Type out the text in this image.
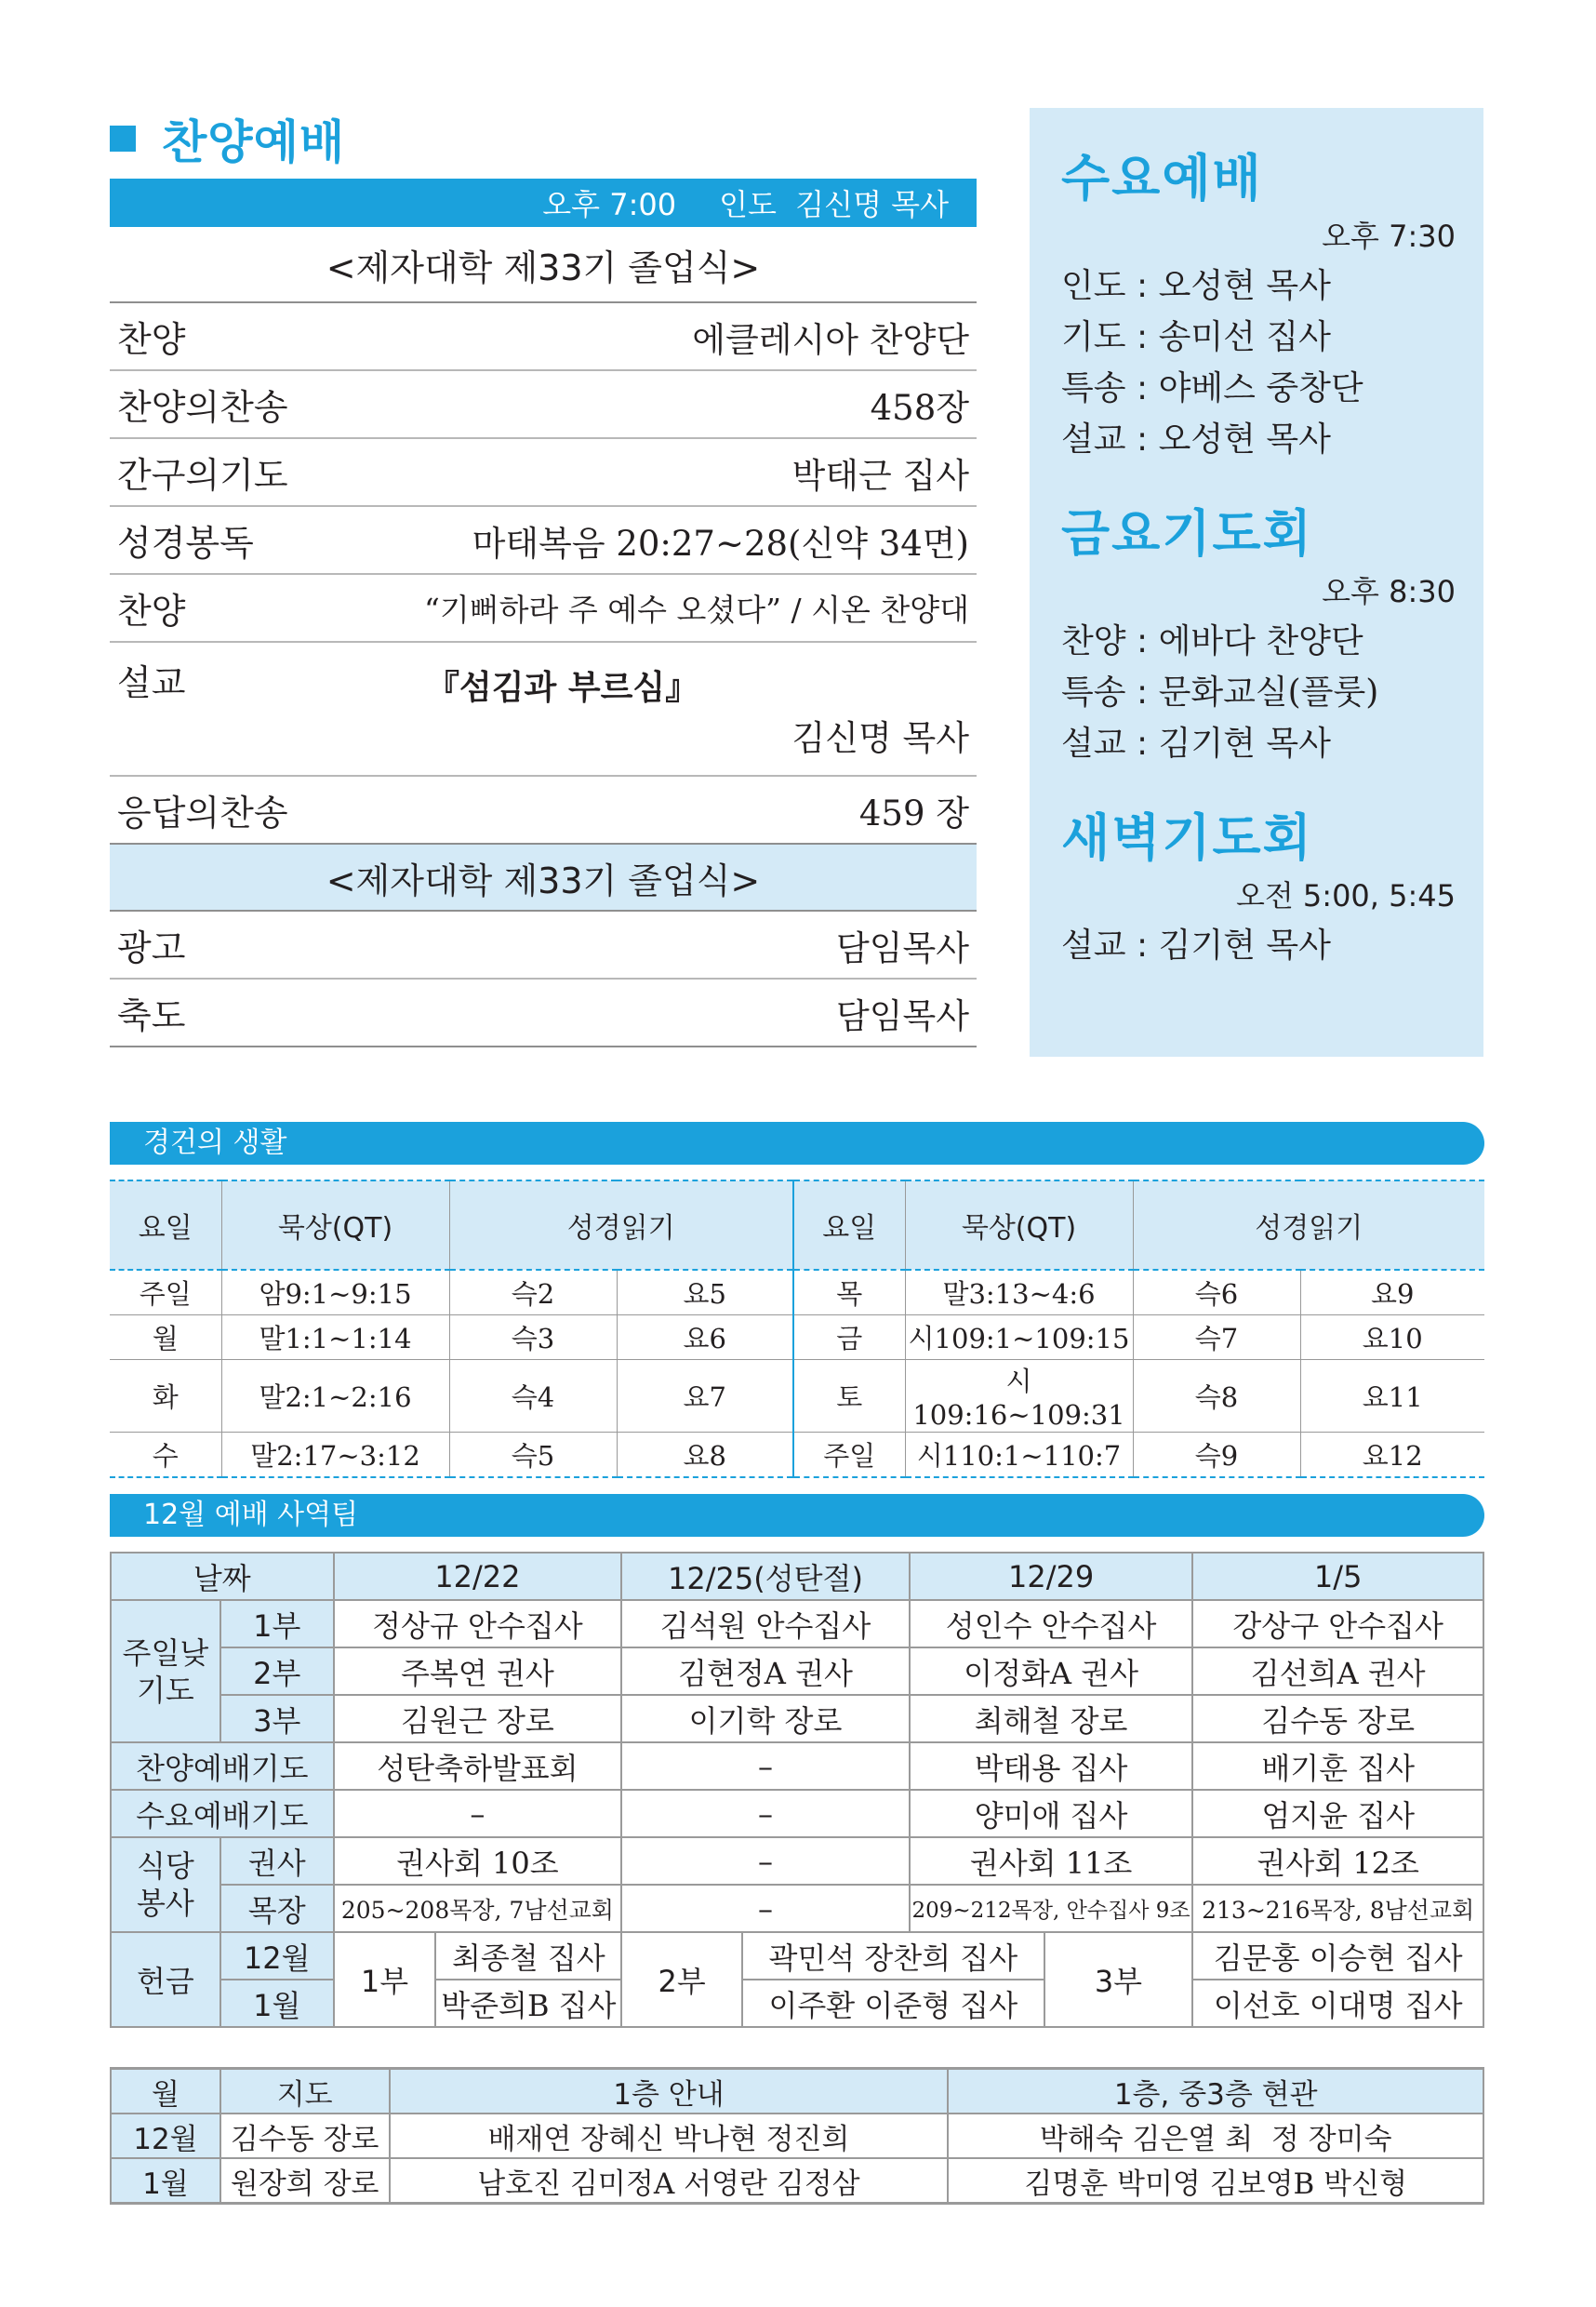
찬양예배
오후 7:00 인도  김신명 목사
<제자대학 제33기 졸업식>
찬양	에클레시아 찬양단
찬양의찬송	458장
간구의기도	박태근 집사
성경봉독	마태복음 20:27~28(신약 34면)
찬양	“기뻐하라 주 예수 오셨다” / 시온 찬양대
설교	『섬김과 부르심』
김신명 목사
응답의찬송	459 장
<제자대학 제33기 졸업식>
광고	담임목사
축도	담임목사
수요예배
오후 7:30
인도 : 오성현 목사
기도 : 송미선 집사
특송 : 야베스 중창단
설교 : 오성현 목사
금요기도회
오후 8:30
찬양 : 에바다 찬양단
특송 : 문화교실(플룻)
설교 : 김기현 목사
새벽기도회
오전 5:00, 5:45
설교 : 김기현 목사
경건의 생활
요일	묵상(QT)	성경읽기		요일	묵상(QT)	성경읽기	
주일	암9:1~9:15	슥2	요5	목	말3:13~4:6	슥6	요9
월	말1:1~1:14	슥3	요6	금	시109:1~109:15	슥7	요10
화	말2:1~2:16	슥4	요7	토	시109:16~109:31	슥8	요11
수	말2:17~3:12	슥5	요8	주일	시110:1~110:7	슥9	요12
12월 예배 사역팀
날짜		12/22		12/25(성탄절)		12/29		1/5
주일낮
기도	1부	정상규 안수집사		김석원 안수집사		성인수 안수집사		강상구 안수집사
	2부	주복연 권사		김현정A 권사		이정화A 권사		김선희A 권사
	3부	김원근 장로		이기학 장로		최해철 장로		김수동 장로
찬양예배기도		성탄축하발표회		–		박태용 집사		배기훈 집사
수요예배기도		–		–		양미애 집사		엄지윤 집사
식당
봉사	권사	권사회 10조		–		권사회 11조		권사회 12조
	목장	205~208목장, 7남선교회		–		209~212목장, 안수집사 9조		213~216목장, 8남선교회
헌금	12월	1부	최종철 집사	2부	곽민석 장찬희 집사		3부	김문홍 이승현 집사
	1월		박준희B 집사		이주환 이준형 집사			이선호 이대명 집사
월	지도	1층 안내	1층, 중3층 현관
12월	김수동 장로	배재연 장혜신 박나현 정진희	박해숙 김은열 최  정 장미숙
1월	원장희 장로	남호진 김미정A 서영란 김정삼	김명훈 박미영 김보영B 박신형
